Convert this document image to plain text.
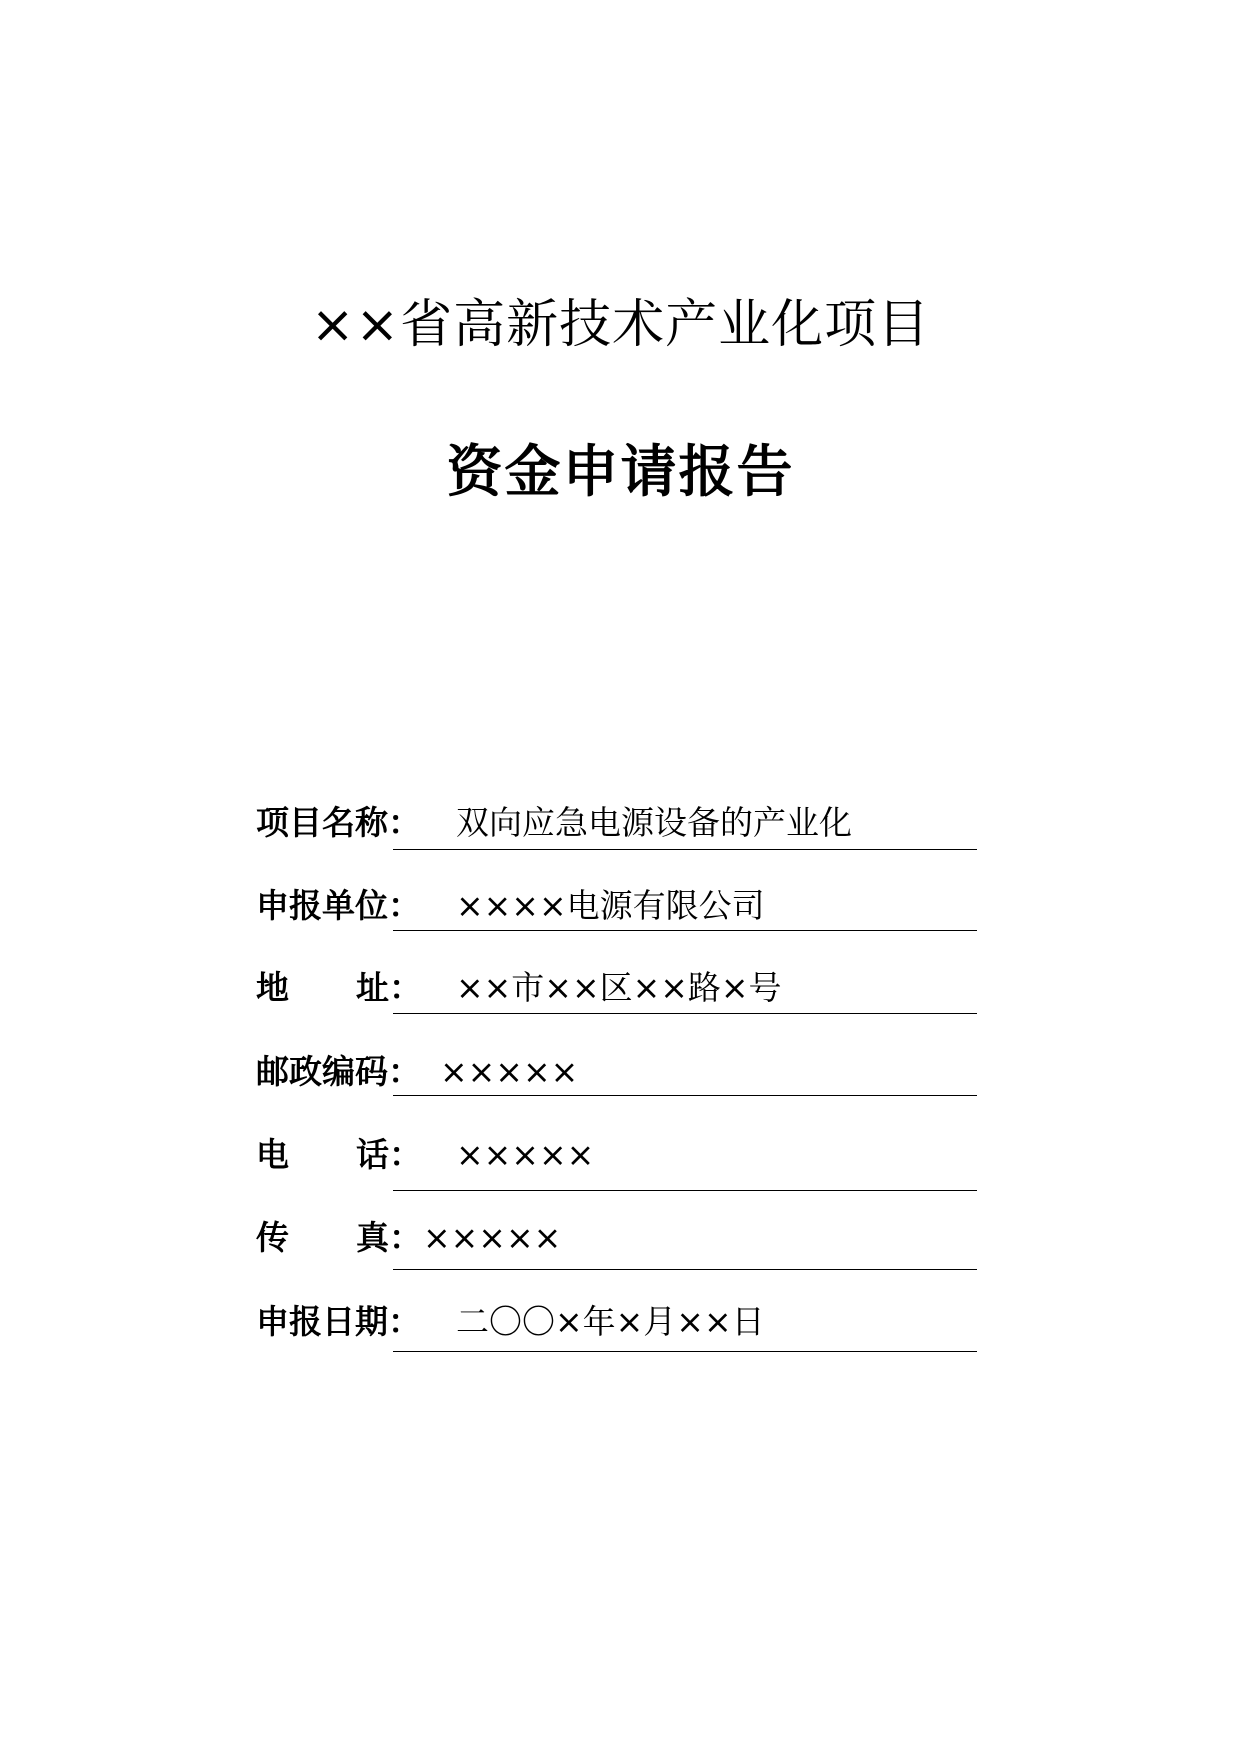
××省高新技术产业化项目
资金申请报告
项目名称： 双向应急电源设备的产业化
申报单位： ××××电源有限公司
地 址： ××市××区××路×号
邮政编码： ×××××
电 话： ×××××
传 真： ×××××
申报日期： 二〇〇×年×月××日
